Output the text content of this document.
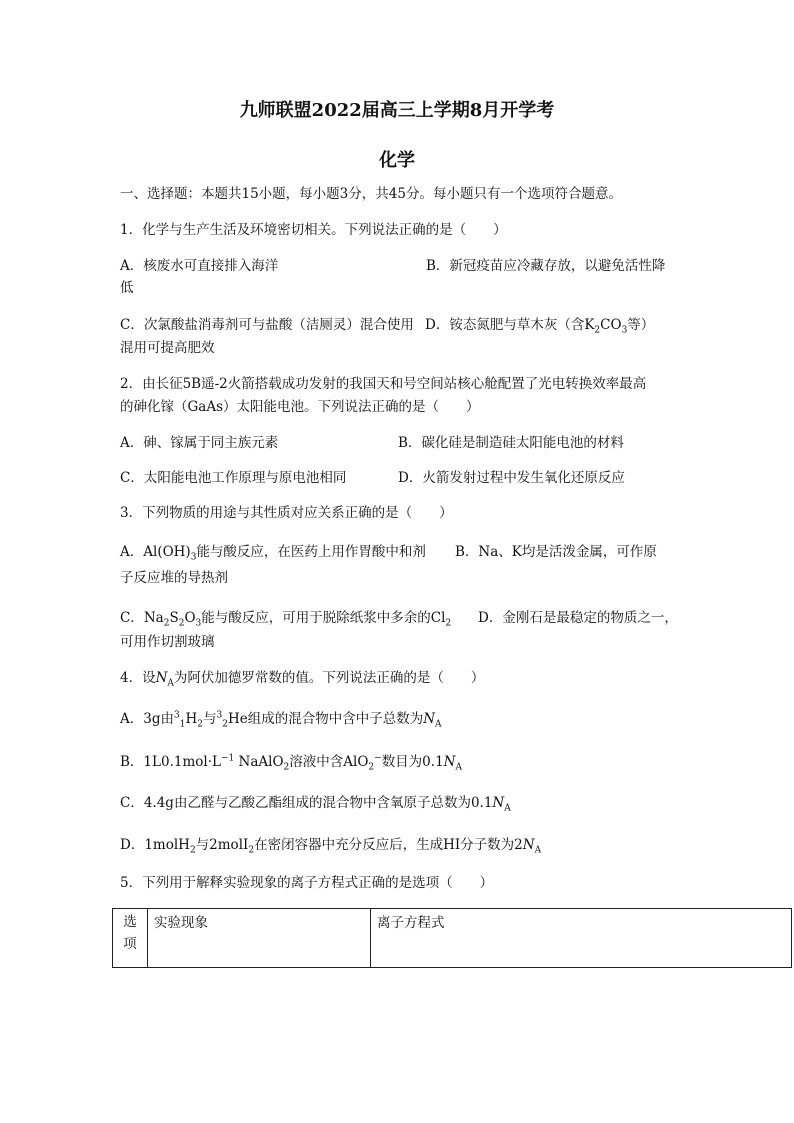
九师联盟2022届高三上学期8月开学考
化学
一、选择题：本题共15小题，每小题3分，共45分。每小题只有一个选项符合题意。
1．化学与生产生活及环境密切相关。下列说法正确的是（　　）
A．核废水可直接排入海洋	B．新冠疫苗应冷藏存放，以避免活性降
低
C．次氯酸盐消毒剂可与盐酸（洁厕灵）混合使用 D．铵态氮肥与草木灰（含$K_2CO_3$等）
混用可提高肥效
2．由长征5B遥-2火箭搭载成功发射的我国天和号空间站核心舱配置了光电转换效率最高
的砷化镓（GaAs）太阳能电池。下列说法正确的是（　　）
A．砷、镓属于同主族元素	B．碳化硅是制造硅太阳能电池的材料
C．太阳能电池工作原理与原电池相同	D．火箭发射过程中发生氧化还原反应
3．下列物质的用途与其性质对应关系正确的是（　　）
A．$Al(OH)_3$能与酸反应，在医药上用作胃酸中和剂 B．Na、K均是活泼金属，可作原
子反应堆的导热剂
C．$Na_2S_2O_3$能与酸反应，可用于脱除纸浆中多余的$Cl_2$ D．金刚石是最稳定的物质之一，
可用作切割玻璃
4．设$N_A$为阿伏加德罗常数的值。下列说法正确的是（　　）
A．3g由$^3_1H_2$与$^3_2$He组成的混合物中含中子总数为$N_A$
B．$1L0.1mol\cdot L^{-1}$ NaAlO$_2$溶液中含AlO$_2$−数目为$0.1N_A$
C．4.4g由乙醛与乙酸乙酯组成的混合物中含氧原子总数为$0.1N_A$
D．1molH$_2$与2molI$_2$在密闭容器中充分反应后，生成HI分子数为$2N_A$
5．下列用于解释实验现象的离子方程式正确的是选项（　　）
选项	实验现象	离子方程式
